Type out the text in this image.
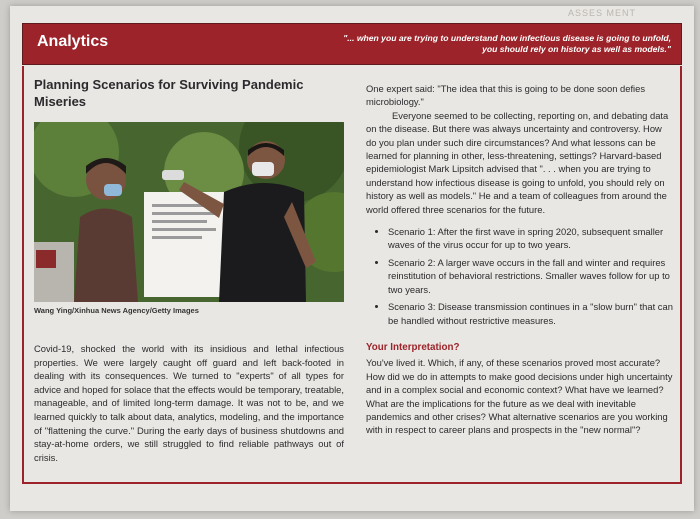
ASSES MENT
Analytics	"... when you are trying to understand how infectious disease is going to unfold,
you should rely on history as well as models."
Planning Scenarios for Surviving Pandemic Miseries
Wang Ying/Xinhua News Agency/Getty Images

Covid-19, shocked the world with its insidious and lethal infectious properties. We were largely caught off guard and left back-footed in dealing with its consequences. We turned to "experts" of all types for advice and hoped for solace that the effects would be temporary, treatable, manageable, and of limited long-term damage. It was not to be, and we learned quickly to talk about data, analytics, modeling, and the importance of "flattening the curve." During the early days of business shutdowns and stay-at-home orders, we still struggled to find reliable pathways out of crisis.

One expert said: "The idea that this is going to be done soon defies microbiology."

Everyone seemed to be collecting, reporting on, and debating data on the disease. But there was always uncertainty and controversy. How do you plan under such dire circumstances? And what lessons can be learned for planning in other, less-threatening, settings? Harvard-based epidemiologist Mark Lipsitch advised that ". . . when you are trying to understand how infectious disease is going to unfold, you should rely on history as well as models." He and a team of colleagues from around the world offered three scenarios for the future.

• Scenario 1: After the first wave in spring 2020, subsequent smaller waves of the virus occur for up to two years.
• Scenario 2: A larger wave occurs in the fall and winter and requires reinstitution of behavioral restrictions. Smaller waves follow for up to two years.
• Scenario 3: Disease transmission continues in a "slow burn" that can be handled without restrictive measures.
Your Interpretation?

You've lived it. Which, if any, of these scenarios proved most accurate? How did we do in attempts to make good decisions under high uncertainty and in a complex social and economic context? What have we learned? What are the implications for the future as we deal with inevitable pandemics and other crises? What alternative scenarios are you working with in respect to career plans and prospects in the "new normal"?
